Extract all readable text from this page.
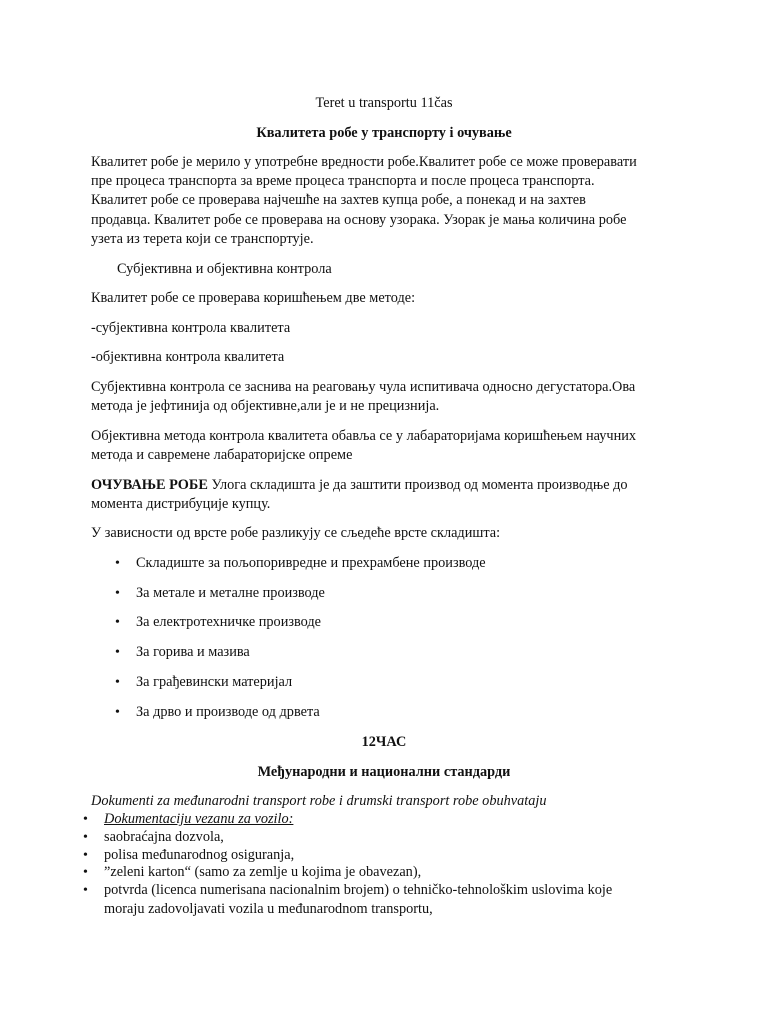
Teret u transportu 11čas
Квалитета робе у транспорту і очување
Квалитет робе је мерило у употребне вредности робе.Квалитет робе се може проверавати
пре процеса транспорта за време процеса транспорта и после процеса транспорта.
Квалитет робе се проверава најчешће на захтев купца робе, а понекад и на захтев
продавца. Квалитет робе се проверава на основу узорака. Узорак је мања количина робе
узета из терета који се транспортује.
Субјективна и објективна контрола
Квалитет робе се проверава коришћењем две методе:
-субјективна контрола квалитета
-објективна контрола квалитета
Субјективна контрола се заснива на реаговању чула испитивача односно дегустатора.Ова
метода је јефтинија од објективне,али је и не прецизнија.
Објективна метода контрола квалитета обавља се у лабараторијама коришћењем научних
метода и савремене лабараторијске опреме
ОЧУВАЊЕ РОБЕ Улога складишта је да заштити производ од момента производње до
момента дистрибуције купцу.
У зависности од врсте робе разликују се сљедеће врсте складишта:
• Складиште за пољопоривредне и прехрамбене производе
• За метале и металне производе
• За електротехничке производе
• За горива и мазива
• За грађевински материјал
• За дрво и производе од дрвета
12ЧАС
Међународни и национални стандарди
Dokumenti za međunarodni transport robe i drumski transport robe obuhvataju
• Dokumentaciju vezanu za vozilo:
• saobraćajna dozvola,
• polisa međunarodnog osiguranja,
• ”zeleni karton“ (samo za zemlje u kojima je obavezan),
• potvrda (licenca numerisana nacionalnim brojem) o tehničko-tehnološkim uslovima koje
moraju zadovoljavati vozila u međunarodnom transportu,
